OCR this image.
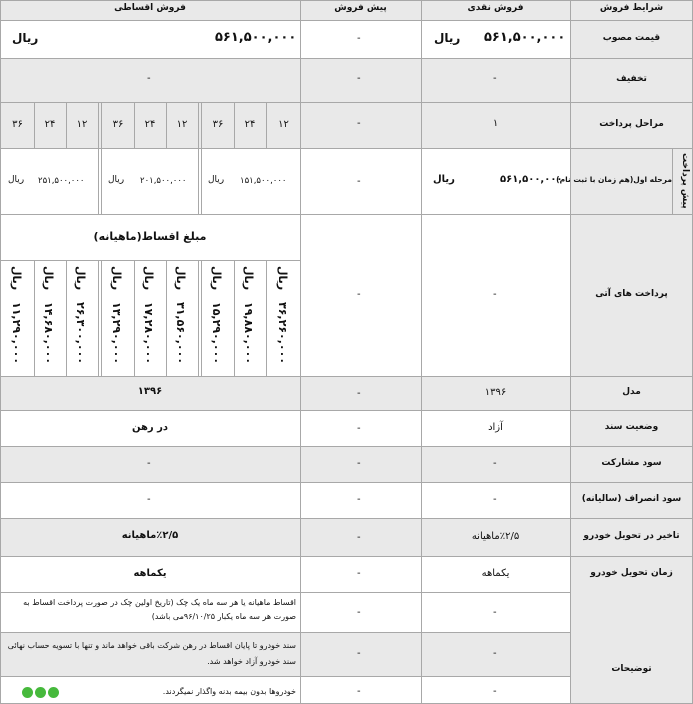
شرایط فروش
فروش نقدی
پیش فروش
فروش اقساطی
قیمت مصوب
تخفیف
مراحل پرداخت
پیش پرداخت
مرحله اول(هم زمان با ثبت نام)
پرداخت های آتی
مدل
وضعیت سند
سود مشارکت
سود انصراف (سالیانه)
تاخیر در تحویل خودرو
زمان تحویل خودرو
توضیحات
۵۶۱,۵۰۰,۰۰۰
ریال
-
۵۶۱,۵۰۰,۰۰۰
ریال
-
-
-
۱
-
۱۲
۲۴
۳۶
۱۲
۲۴
۳۶
۱۲
۲۴
۳۶
۵۶۱,۵۰۰,۰۰۰
ریال
-
۱۵۱,۵۰۰,۰۰۰
ریال
۲۰۱,۵۰۰,۰۰۰
ریال
۲۵۱,۵۰۰,۰۰۰
ریال
-
-
مبلغ اقساط(ماهیانه)
ریال
۳۶,۲۶۰,۰۰۰
ریال
۱۹,۸۸۰,۰۰۰
ریال
۱۵,۲۹۰,۰۰۰
ریال
۳۱,۵۶۰,۰۰۰
ریال
۱۷,۲۸۰,۰۰۰
ریال
۱۳,۲۹۰,۰۰۰
ریال
۲۶,۳۰۰,۰۰۰
ریال
۱۴,۶۸۰,۰۰۰
ریال
۱۱,۲۹۰,۰۰۰
۱۳۹۶
-
۱۳۹۶
آزاد
-
در رهن
-
-
-
-
-
-
٪۲/۵ماهیانه
-
٪۲/۵ماهیانه
یکماهه
-
یکماهه
-
-
اقساط ماهیانه یا هر سه ماه یک چک (تاریخ اولین چک در صورت پرداخت اقساط به صورت هر سه ماه یکبار ۹۶/۱۰/۲۵می باشد)
-
-
سند خودرو تا پایان اقساط در رهن شرکت باقی خواهد ماند و تنها با تسویه حساب نهائی سند خودرو آزاد خواهد شد.
-
-
خودروها بدون بیمه بدنه واگذار نمیگردند.
